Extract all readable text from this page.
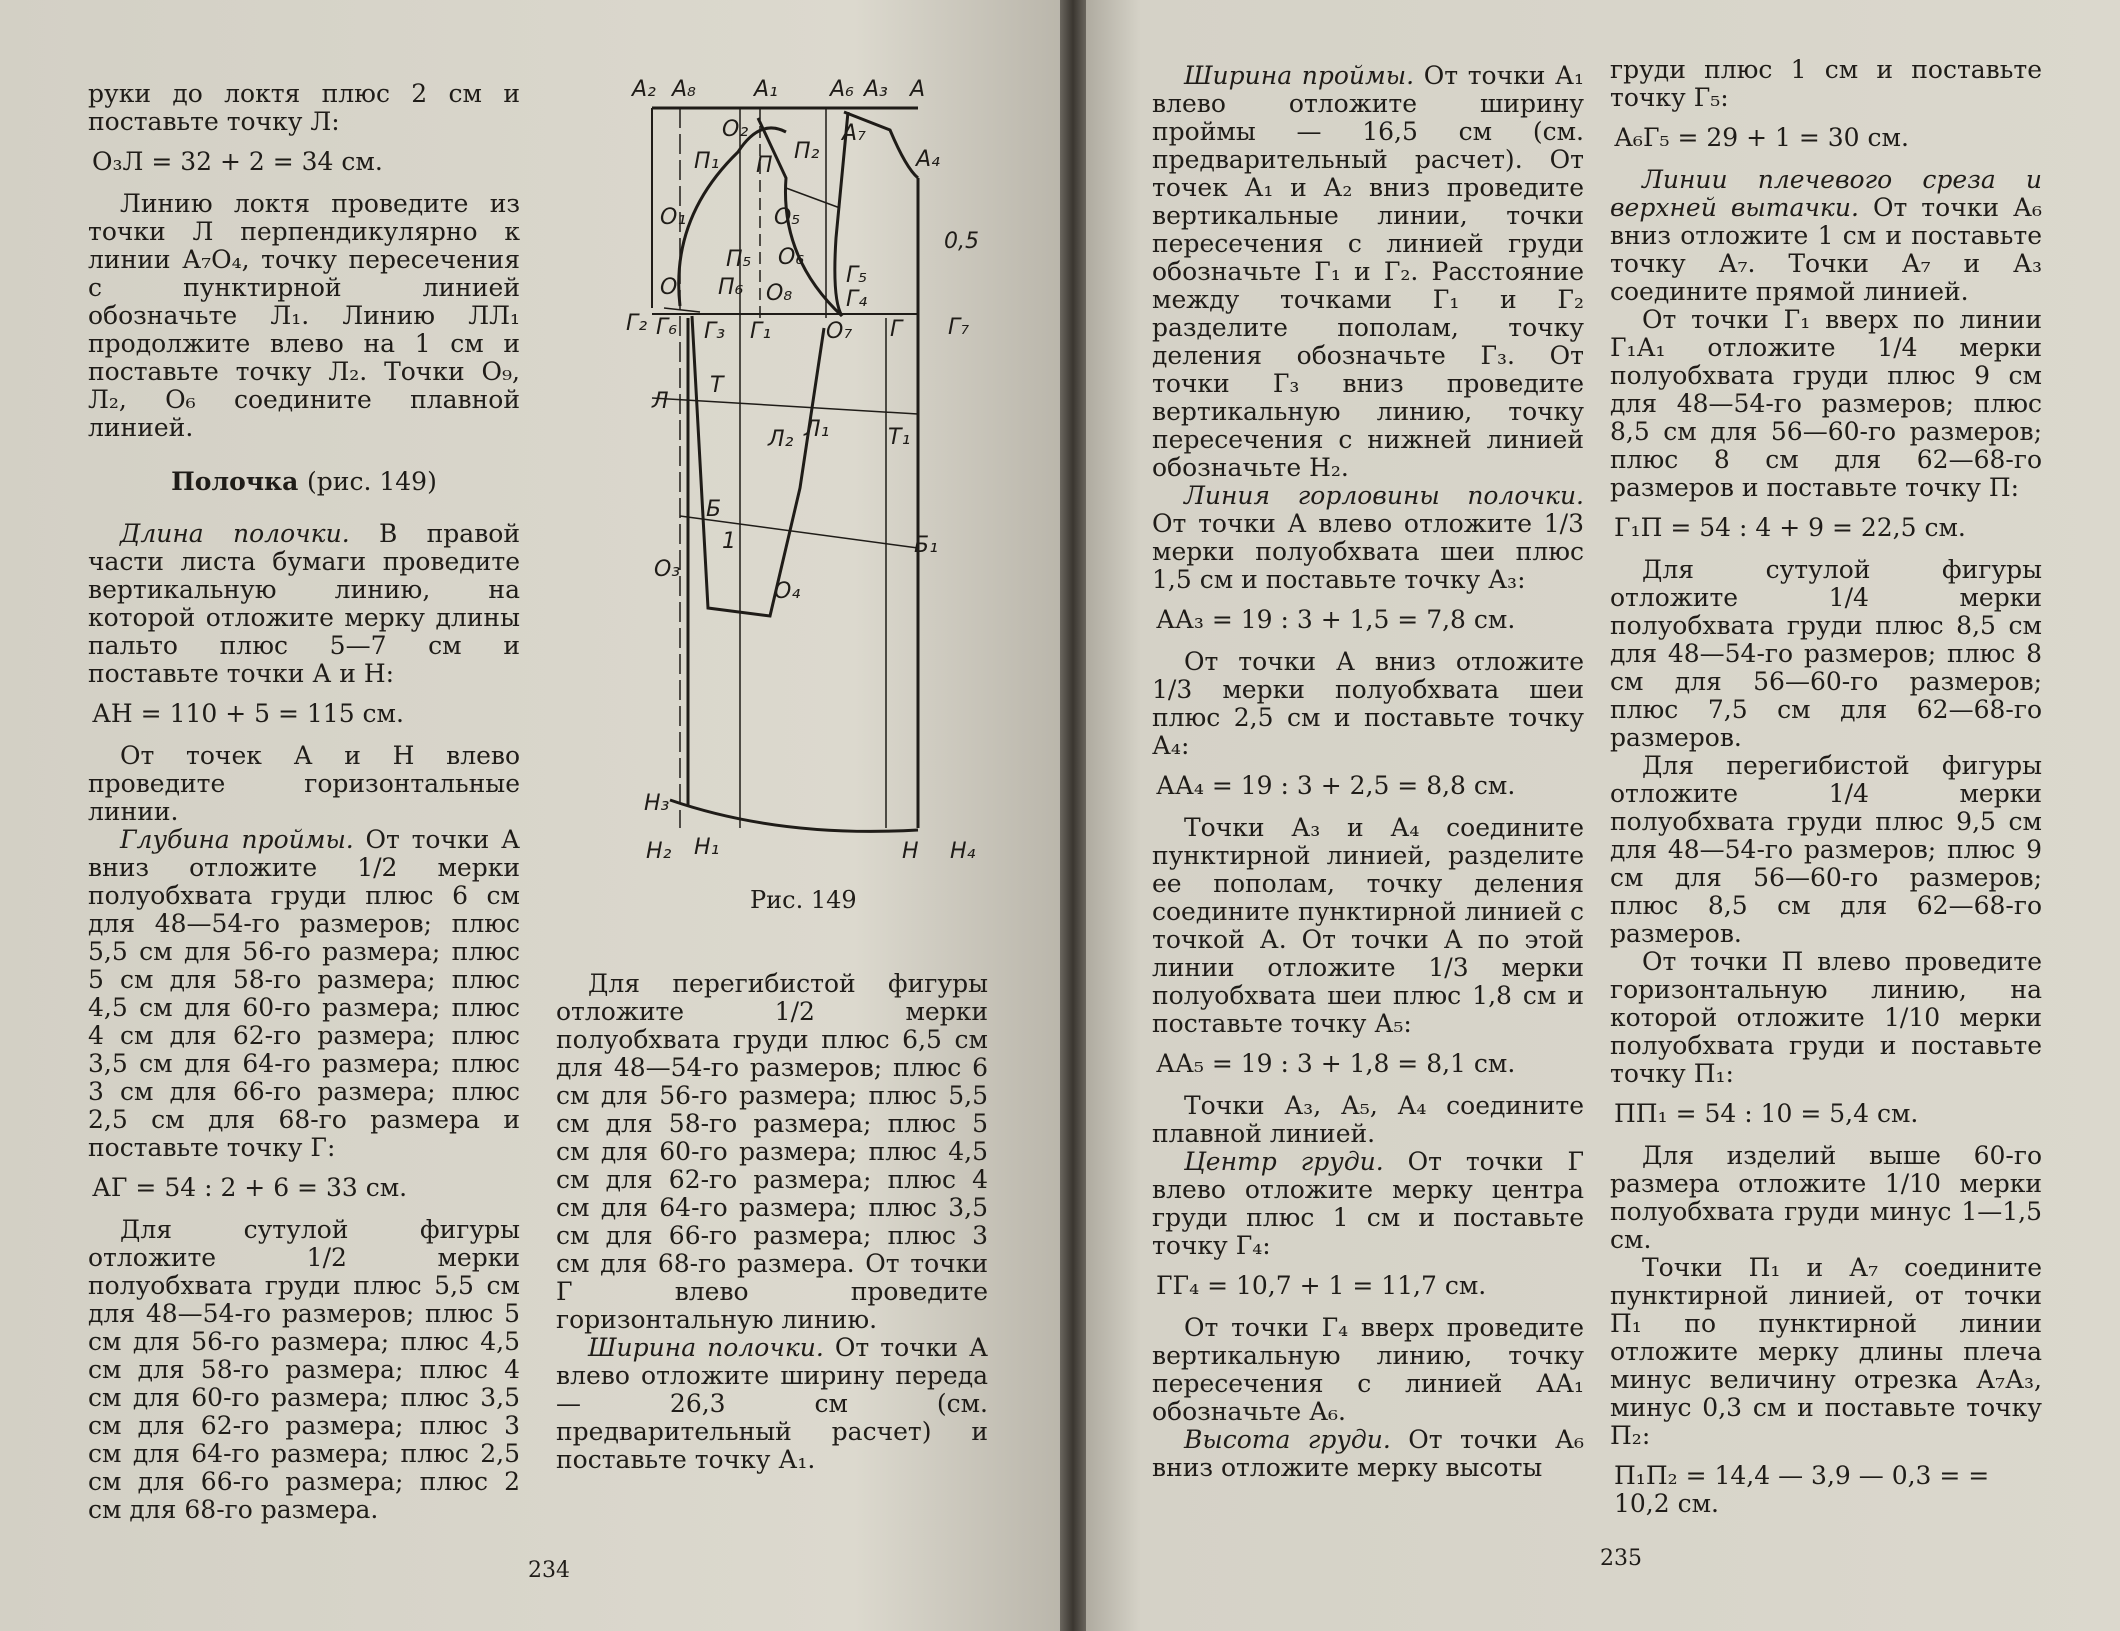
руки до локтя плюс 2 см и поставьте точку Л:

О₃Л = 32 + 2 = 34 см.

Линию локтя проведите из точки Л перпендикулярно к линии А₇О₄, точку пересечения с пунктирной линией обозначьте Л₁. Линию ЛЛ₁ продолжите влево на 1 см и поставьте точку Л₂. Точки О₉, Л₂, О₆ соедините плавной линией.

Полочка (рис. 149)

Длина полочки. В правой части листа бумаги проведите вертикальную линию, на которой отложите мерку длины пальто плюс 5—7 см и поставьте точки А и Н:

АН = 110 + 5 = 115 см.

От точек А и Н влево проведите горизонтальные линии.

Глубина проймы. От точки А вниз отложите 1/2 мерки полуобхвата груди плюс 6 см для 48—54-го размеров; плюс 5,5 см для 56-го размера; плюс 5 см для 58-го размера; плюс 4,5 см для 60-го размера; плюс 4 см для 62-го размера; плюс 3,5 см для 64-го размера; плюс 3 см для 66-го размера; плюс 2,5 см для 68-го размера и поставьте точку Г:

АГ = 54 : 2 + 6 = 33 см.

Для сутулой фигуры отложите 1/2 мерки полуобхвата груди плюс 5,5 см для 48—54-го размеров; плюс 5 см для 56-го размера; плюс 4,5 см для 58-го размера; плюс 4 см для 60-го размера; плюс 3,5 см для 62-го размера; плюс 3 см для 64-го размера; плюс 2,5 см для 66-го размера; плюс 2 см для 68-го размера.

Для перегибистой фигуры отложите 1/2 мерки полуобхвата груди плюс 6,5 см для 48—54-го размеров; плюс 6 см для 56-го размера; плюс 5,5 см для 58-го размера; плюс 5 см для 60-го размера; плюс 4,5 см для 62-го размера; плюс 4 см для 64-го размера; плюс 3,5 см для 66-го размера; плюс 3 см для 68-го размера. От точки Г влево проведите горизонтальную линию.

Ширина полочки. От точки А влево отложите ширину переда — 26,3 см (см. предварительный расчет) и поставьте точку А₁.

А₂ А₈	А₁ А₆ А₃ А
А₇
А₄
О₂
П₁ П
П₂
О₅
О₆
О₁
П₅
П₆
О	О₈
Г₅
Г₄
Г₂ Г₆ Г₃ Г₁ О₇ Г Г₇
0,5
Л
Т
Л₂ Л₁	Т₁
Б
1	Б₁
О₃
О₄
Н₃
Н₂ Н₁	Н Н₄
Рис. 149
234

Ширина проймы. От точки А₁ влево отложите ширину проймы — 16,5 см (см. предварительный расчет). От точек А₁ и А₂ вниз проведите вертикальные линии, точки пересечения с линией груди обозначьте Г₁ и Г₂. Расстояние между точками Г₁ и Г₂ разделите пополам, точку деления обозначьте Г₃. От точки Г₃ вниз проведите вертикальную линию, точку пересечения с нижней линией обозначьте Н₂.

Линия горловины полочки. От точки А влево отложите 1/3 мерки полуобхвата шеи плюс 1,5 см и поставьте точку А₃:

АА₃ = 19 : 3 + 1,5 = 7,8 см.

От точки А вниз отложите 1/3 мерки полуобхвата шеи плюс 2,5 см и поставьте точку А₄:

АА₄ = 19 : 3 + 2,5 = 8,8 см.

Точки А₃ и А₄ соедините пунктирной линией, разделите ее пополам, точку деления соедините пунктирной линией с точкой А. От точки А по этой линии отложите 1/3 мерки полуобхвата шеи плюс 1,8 см и поставьте точку А₅:

АА₅ = 19 : 3 + 1,8 = 8,1 см.

Точки А₃, А₅, А₄ соедините плавной линией.

Центр груди. От точки Г влево отложите мерку центра груди плюс 1 см и поставьте точку Г₄:

ГГ₄ = 10,7 + 1 = 11,7 см.

От точки Г₄ вверх проведите вертикальную линию, точку пересечения с линией АА₁ обозначьте А₆.

Высота груди. От точки А₆ вниз отложите мерку высоты

груди плюс 1 см и поставьте точку Г₅:

А₆Г₅ = 29 + 1 = 30 см.

Линии плечевого среза и верхней вытачки. От точки А₆ вниз отложите 1 см и поставьте точку А₇. Точки А₇ и А₃ соедините прямой линией.

От точки Г₁ вверх по линии Г₁А₁ отложите 1/4 мерки полуобхвата груди плюс 9 см для 48—54-го размеров; плюс 8,5 см для 56—60-го размеров; плюс 8 см для 62—68-го размеров и поставьте точку П:

Г₁П = 54 : 4 + 9 = 22,5 см.

Для сутулой фигуры отложите 1/4 мерки полуобхвата груди плюс 8,5 см для 48—54-го размеров; плюс 8 см для 56—60-го размеров; плюс 7,5 см для 62—68-го размеров.

Для перегибистой фигуры отложите 1/4 мерки полуобхвата груди плюс 9,5 см для 48—54-го размеров; плюс 9 см для 56—60-го размеров; плюс 8,5 см для 62—68-го размеров.

От точки П влево проведите горизонтальную линию, на которой отложите 1/10 мерки полуобхвата груди и поставьте точку П₁:

ПП₁ = 54 : 10 = 5,4 см.

Для изделий выше 60-го размера отложите 1/10 мерки полуобхвата груди минус 1—1,5 см.

Точки П₁ и А₇ соедините пунктирной линией, от точки П₁ по пунктирной линии отложите мерку длины плеча минус величину отрезка А₇А₃, минус 0,3 см и поставьте точку П₂:

П₁П₂ = 14,4 — 3,9 — 0,3 = = 10,2 см.

235
